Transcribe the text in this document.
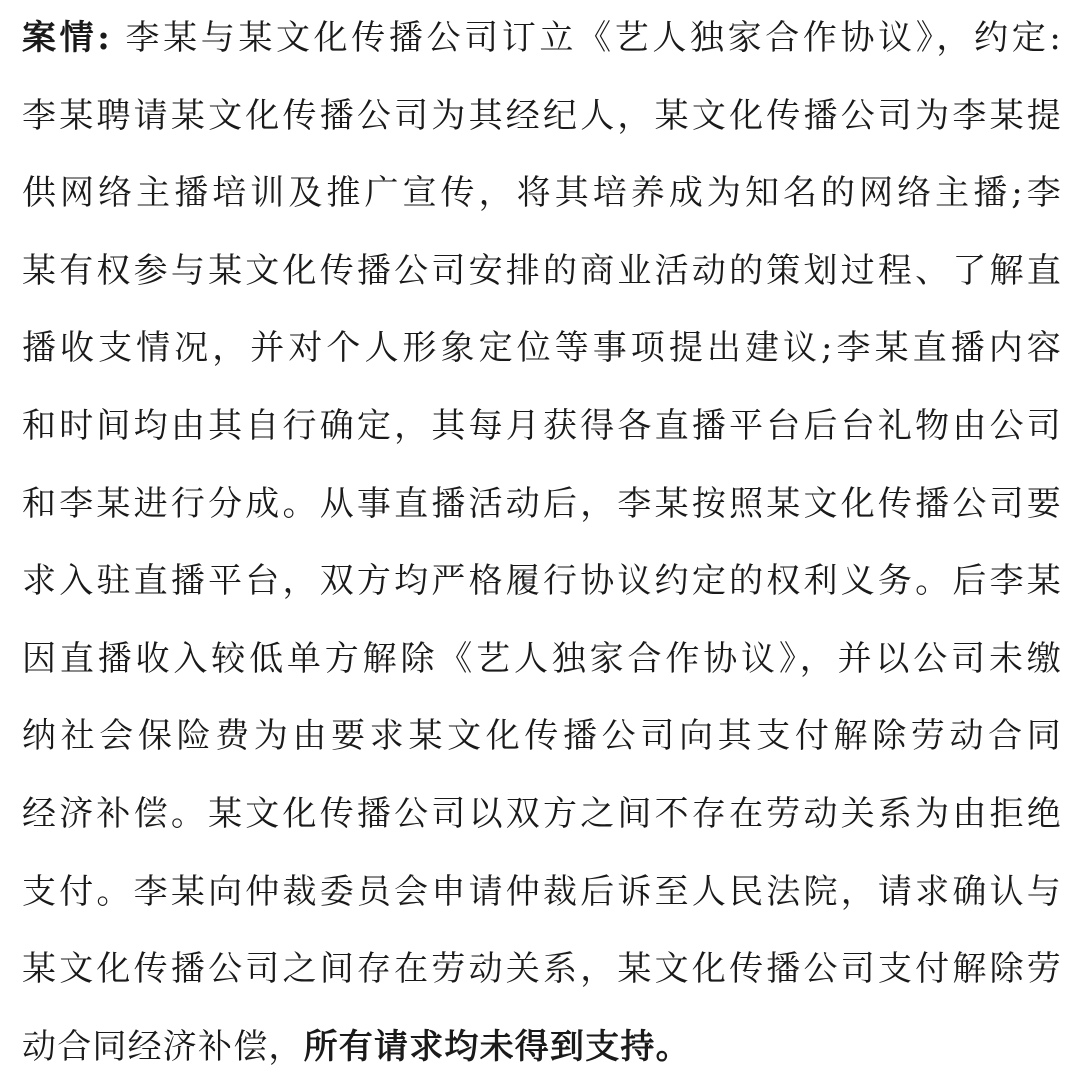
案情: 李某与某文化传播公司订立《艺人独家合作协议》，约定:
李某聘请某文化传播公司为其经纪人，某文化传播公司为李某提
供网络主播培训及推广宣传，将其培养成为知名的网络主播;李
某有权参与某文化传播公司安排的商业活动的策划过程、了解直
播收支情况，并对个人形象定位等事项提出建议;李某直播内容
和时间均由其自行确定，其每月获得各直播平台后台礼物由公司
和李某进行分成。从事直播活动后，李某按照某文化传播公司要
求入驻直播平台，双方均严格履行协议约定的权利义务。后李某
因直播收入较低单方解除《艺人独家合作协议》，并以公司未缴
纳社会保险费为由要求某文化传播公司向其支付解除劳动合同
经济补偿。某文化传播公司以双方之间不存在劳动关系为由拒绝
支付。李某向仲裁委员会申请仲裁后诉至人民法院，请求确认与
某文化传播公司之间存在劳动关系，某文化传播公司支付解除劳
动合同经济补偿，所有请求均未得到支持。
